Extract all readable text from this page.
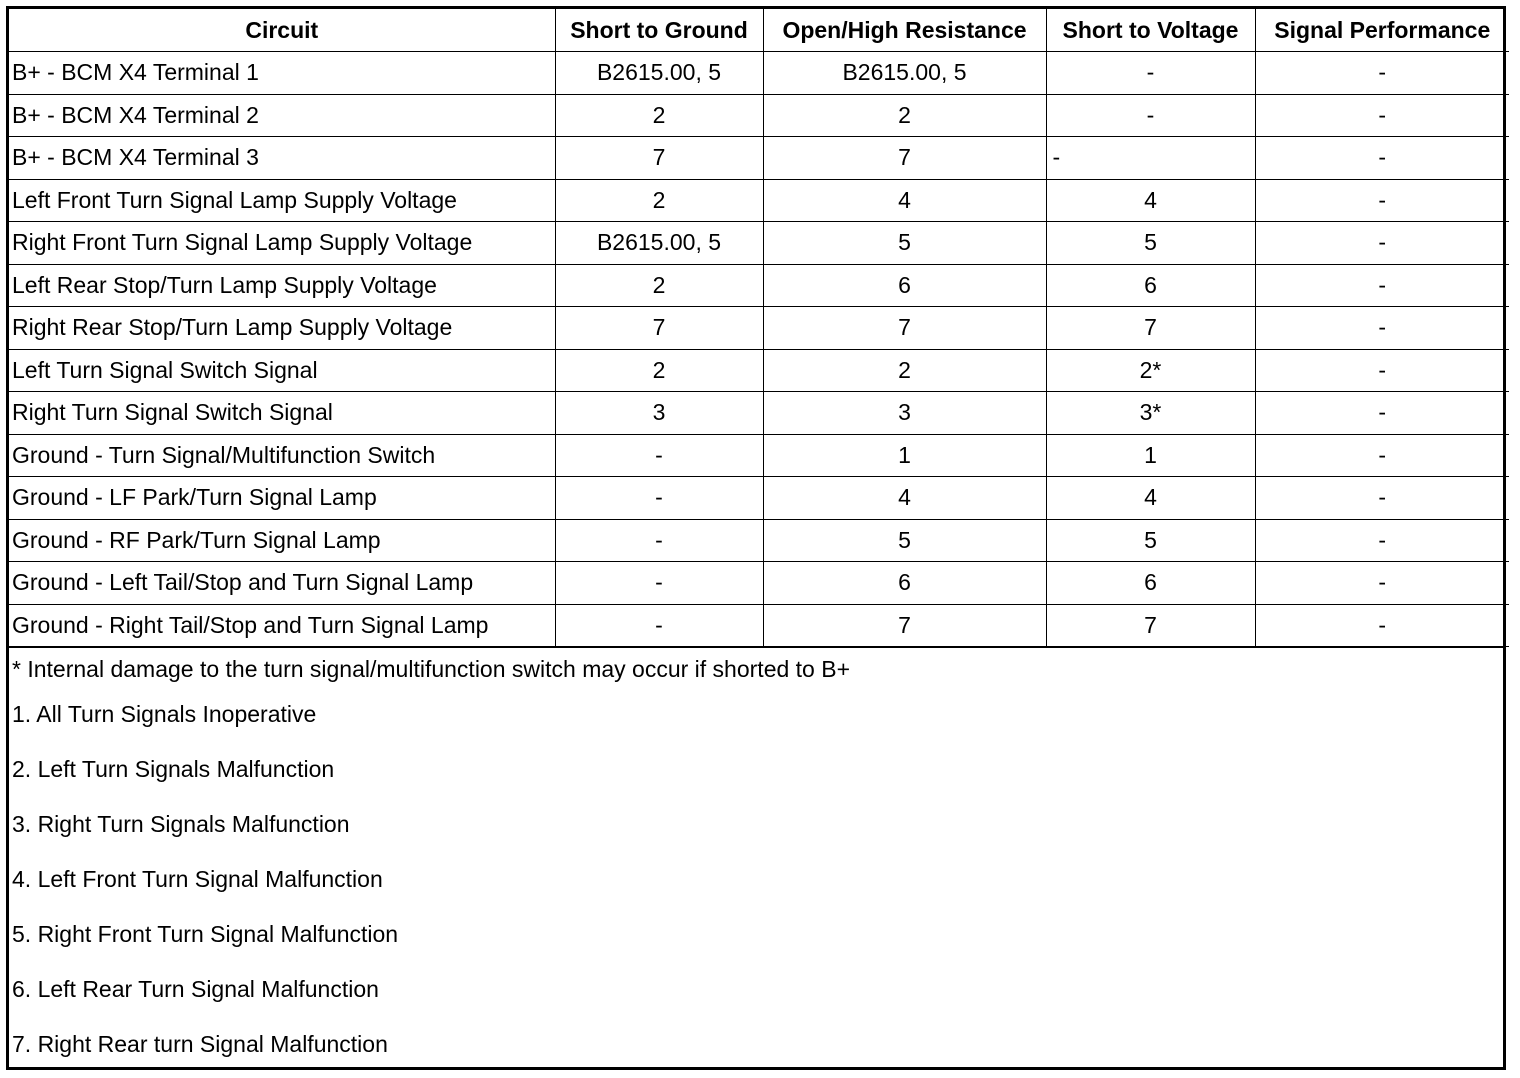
Circuit	Short to Ground	Open/High Resistance	Short to Voltage	Signal Performance
B+ - BCM X4 Terminal 1	B2615.00, 5	B2615.00, 5	-	-
B+ - BCM X4 Terminal 2	2	2	-	-
B+ - BCM X4 Terminal 3	7	7	-	-
Left Front Turn Signal Lamp Supply Voltage	2	4	4	-
Right Front Turn Signal Lamp Supply Voltage	B2615.00, 5	5	5	-
Left Rear Stop/Turn Lamp Supply Voltage	2	6	6	-
Right Rear Stop/Turn Lamp Supply Voltage	7	7	7	-
Left Turn Signal Switch Signal	2	2	2*	-
Right Turn Signal Switch Signal	3	3	3*	-
Ground - Turn Signal/Multifunction Switch	-	1	1	-
Ground - LF Park/Turn Signal Lamp	-	4	4	-
Ground - RF Park/Turn Signal Lamp	-	5	5	-
Ground - Left Tail/Stop and Turn Signal Lamp	-	6	6	-
Ground - Right Tail/Stop and Turn Signal Lamp	-	7	7	-
* Internal damage to the turn signal/multifunction switch may occur if shorted to B+
1. All Turn Signals Inoperative
2. Left Turn Signals Malfunction
3. Right Turn Signals Malfunction
4. Left Front Turn Signal Malfunction
5. Right Front Turn Signal Malfunction
6. Left Rear Turn Signal Malfunction
7. Right Rear turn Signal Malfunction
